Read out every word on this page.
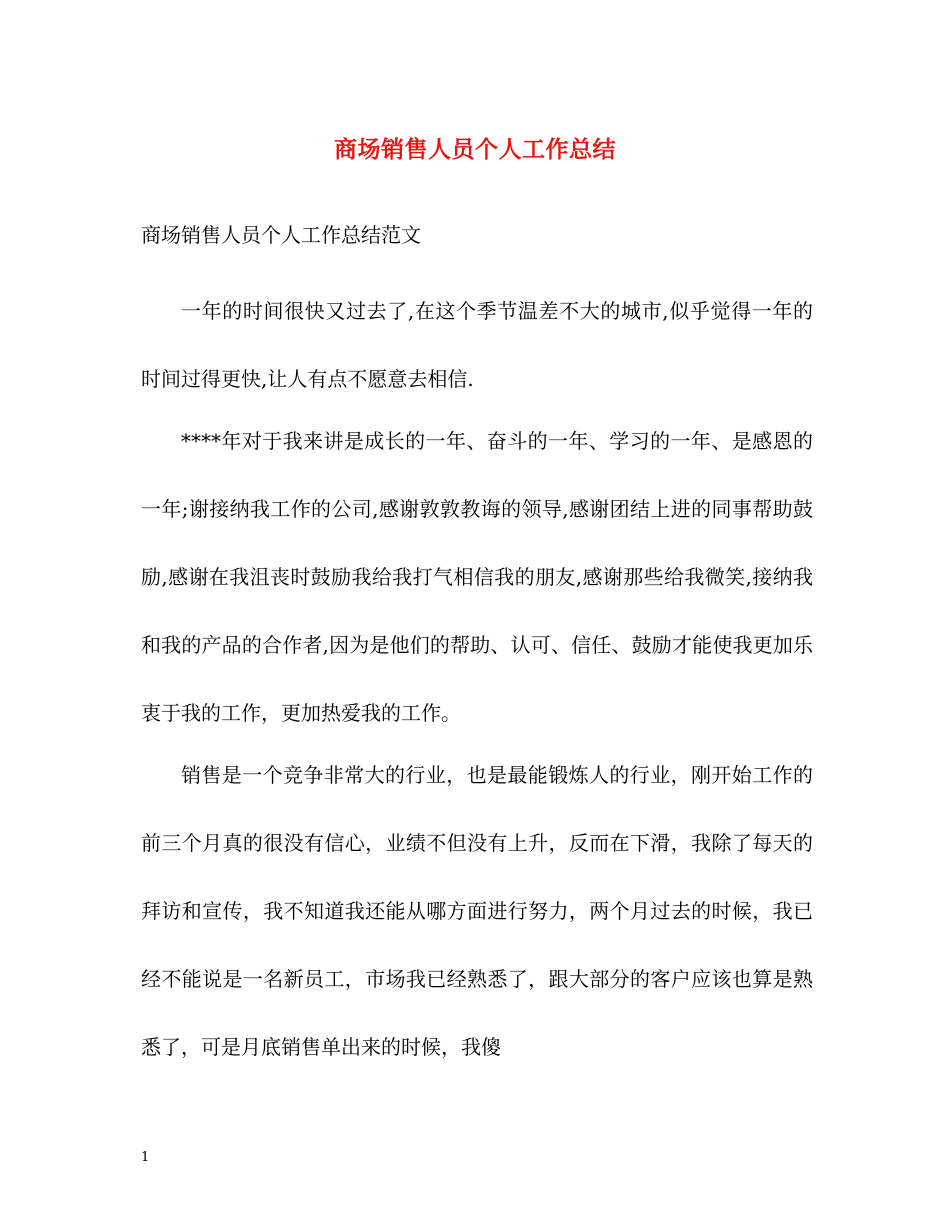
商场销售人员个人工作总结
商场销售人员个人工作总结范文

一年的时间很快又过去了,在这个季节温差不大的城市,似乎觉得一年的时间过得更快,让人有点不愿意去相信.

****年对于我来讲是成长的一年、奋斗的一年、学习的一年、是感恩的一年;谢接纳我工作的公司,感谢敦敦教诲的领导,感谢团结上进的同事帮助鼓励,感谢在我沮丧时鼓励我给我打气相信我的朋友,感谢那些给我微笑,接纳我和我的产品的合作者,因为是他们的帮助、认可、信任、鼓励才能使我更加乐衷于我的工作，更加热爱我的工作。

销售是一个竞争非常大的行业，也是最能锻炼人的行业，刚开始工作的前三个月真的很没有信心，业绩不但没有上升，反而在下滑，我除了每天的拜访和宣传，我不知道我还能从哪方面进行努力，两个月过去的时候，我已经不能说是一名新员工，市场我已经熟悉了，跟大部分的客户应该也算是熟悉了，可是月底销售单出来的时候，我傻

1
